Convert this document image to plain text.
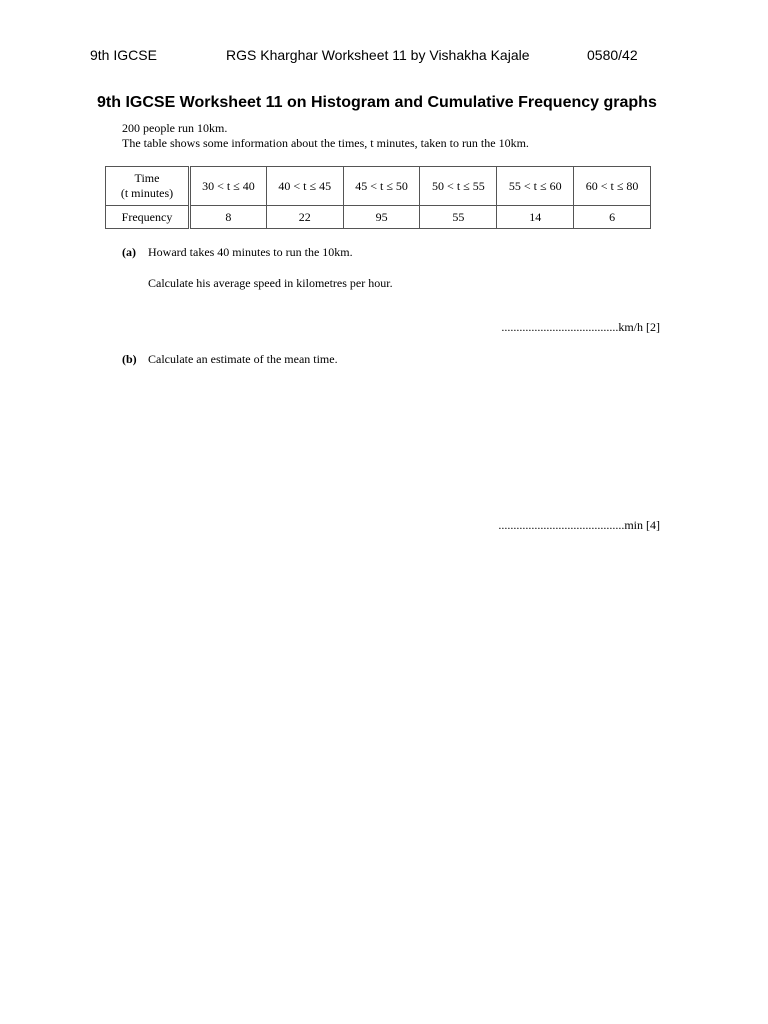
9th IGCSE	RGS Kharghar Worksheet 11 by Vishakha Kajale	0580/42
9th IGCSE Worksheet 11 on Histogram and Cumulative Frequency graphs
200 people run 10km.
The table shows some information about the times, t minutes, taken to run the 10km.
Time
(t minutes)	30 < t ≤ 40	40 < t ≤ 45	45 < t ≤ 50	50 < t ≤ 55	55 < t ≤ 60	60 < t ≤ 80
Frequency	8	22	95	55	14	6
(a) Howard takes 40 minutes to run the 10km.
Calculate his average speed in kilometres per hour.
.......................................km/h [2]
(b) Calculate an estimate of the mean time.
..........................................min [4]
